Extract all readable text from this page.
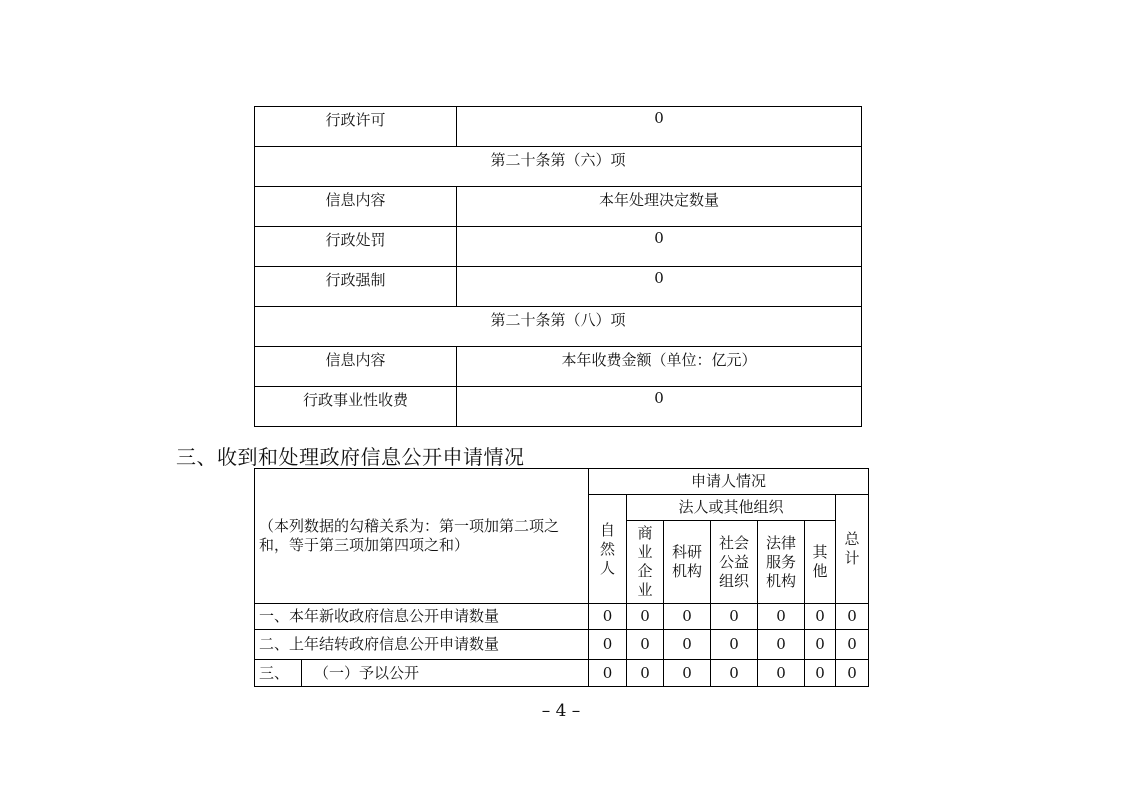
行政许可	0
第二十条第（六）项	
信息内容	本年处理决定数量
行政处罚	0
行政强制	0
第二十条第（八）项	
信息内容	本年收费金额（单位：亿元）
行政事业性收费	0
三、收到和处理政府信息公开申请情况
（本列数据的勾稽关系为：第一项加第二项之和，等于第三项加第四项之和）		申请人情况						
		自然人	法人或其他组织					总计
			商业企业	科研机构	社会公益组织	法律服务机构	其他	
一、本年新收政府信息公开申请数量		0	0	0	0	0	0	0
二、上年结转政府信息公开申请数量		0	0	0	0	0	0	0
三、	（一）予以公开	0	0	0	0	0	0	0
– 4 –
